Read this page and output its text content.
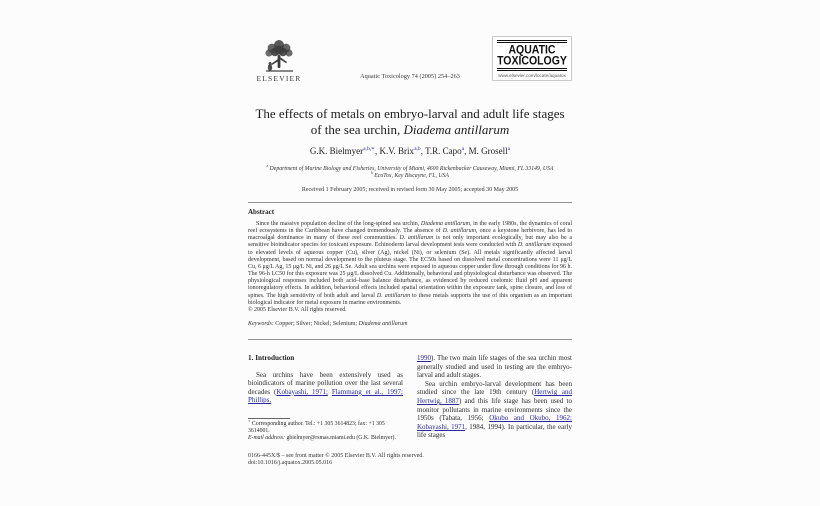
ELSEVIER	Aquatic Toxicology 74 (2005) 254–263
AQUATIC
TOXICOLOGY
www.elsevier.com/locate/aquatox
The effects of metals on embryo-larval and adult life stages
of the sea urchin, Diadema antillarum
G.K. Bielmyer$^{a,b,∗}$, K.V. Brix$^{a,b}$, T.R. Capo$^a$, M. Grosell$^a$
$^a$ Department of Marine Biology and Fisheries, University of Miami, 4600 Rickenbacker Causeway, Miami, FL 33149, USA
$^b$ EcoTox, Key Biscayne, FL, USA
Received 1 February 2005; received in revised form 30 May 2005; accepted 30 May 2005
Abstract
Since the massive population decline of the long-spined sea urchin, Diadema antillarum, in the early 1980s, the dynamics of coral reef ecosystems in the Caribbean have changed tremendously. The absence of D. antillarum, once a keystone herbivore, has led to macroalgal dominance in many of these reef communities. D. antillarum is not only important ecologically, but may also be a sensitive bioindicator species for toxicant exposure. Echinoderm larval development tests were conducted with D. antillarum exposed to elevated levels of aqueous copper (Cu), silver (Ag), nickel (Ni), or selenium (Se). All metals significantly affected larval development, based on normal development to the pluteus stage. The EC50s based on dissolved metal concentrations were 11 μg/L Cu, 6 μg/L Ag, 15 μg/L Ni, and 26 μg/L Se. Adult sea urchins were exposed to aqueous copper under flow through conditions for 96 h. The 96-h LC50 for this exposure was 25 μg/L dissolved Cu. Additionally, behavioral and physiological disturbance was observed. The physiological responses included both acid–base balance disturbance, as evidenced by reduced coelomic fluid pH and apparent ionoregulatory effects. In addition, behavioral effects included spatial orientation within the exposure tank, spine closure, and loss of spines. The high sensitivity of both adult and larval D. antillarum to these metals supports the use of this organism as an important biological indicator for metal exposure in marine environments.
© 2005 Elsevier B.V. All rights reserved.
Keywords: Copper; Silver; Nickel; Selenium; Diadema antillarum
1. Introduction
Sea urchins have been extensively used as bioindicators of marine pollution over the last several decades (Kobayashi, 1971; Flammang et al., 1997; Phillips,
∗ Corresponding author. Tel.: +1 305 3614823; fax: +1 305 3614001.
E-mail address: gbielmyer@rsmas.miami.edu (G.K. Bielmyer).
1990). The two main life stages of the sea urchin most generally studied and used in testing are the embryo-larval and adult stages.
Sea urchin embryo-larval development has been studied since the late 19th century (Hertwig and Hertwig, 1887) and this life stage has been used to monitor pollutants in marine environments since the 1950s (Tabata, 1956; Okubo and Okubo, 1962; Kobayashi, 1971, 1984, 1994). In particular, the early life stages
0166-445X/$ – see front matter © 2005 Elsevier B.V. All rights reserved.
doi:10.1016/j.aquatox.2005.05.016
